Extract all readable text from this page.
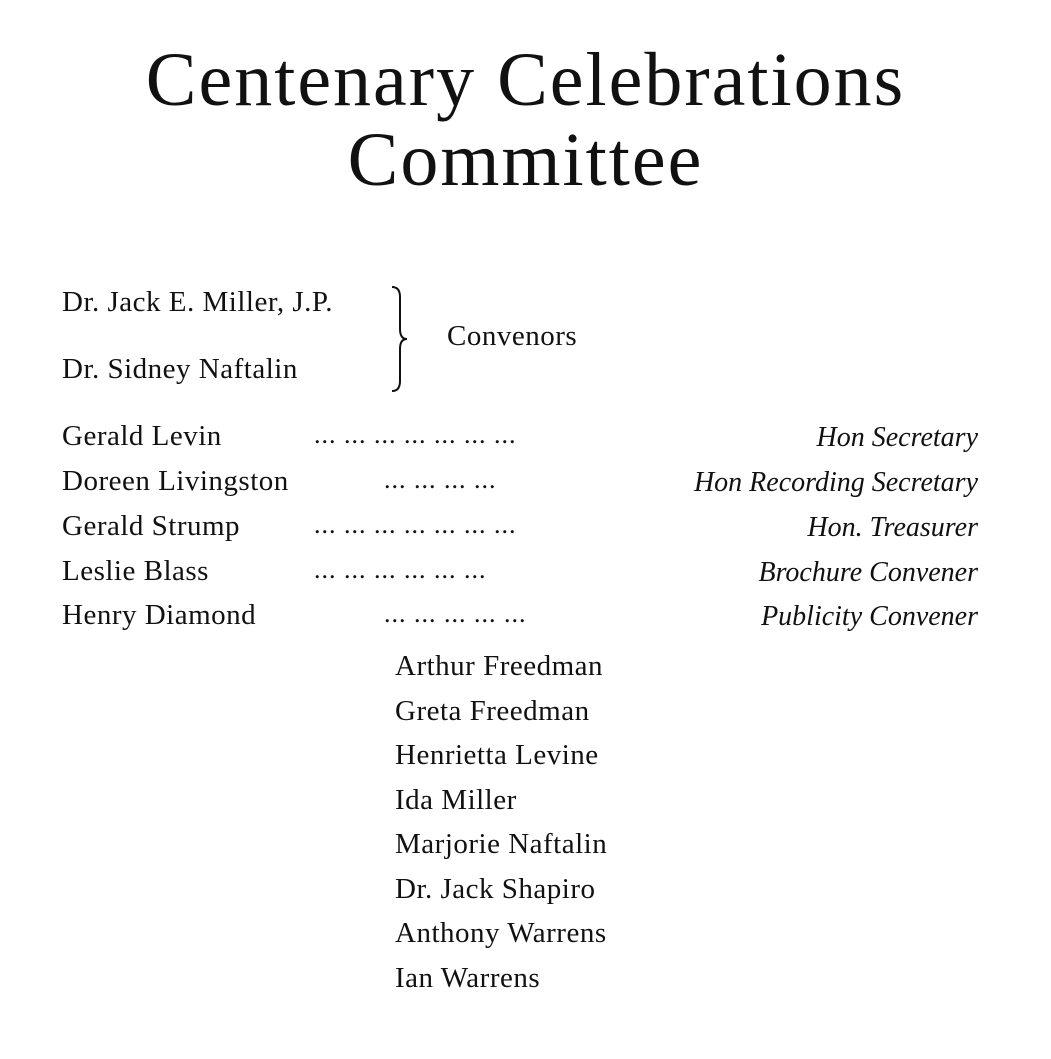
Centenary Celebrations
Committee
Dr. Jack E. Miller, J.P.
Dr. Sidney Naftalin
Convenors
Gerald Levin	... ... ... ... ... ... ...	Hon Secretary
Doreen Livingston	... ... ... ...	Hon Recording Secretary
Gerald Strump	... ... ... ... ... ... ...	Hon. Treasurer
Leslie Blass	... ... ... ... ... ...	Brochure Convener
Henry Diamond	... ... ... ... ...	Publicity Convener
Arthur Freedman
Greta Freedman
Henrietta Levine
Ida Miller
Marjorie Naftalin
Dr. Jack Shapiro
Anthony Warrens
Ian Warrens
